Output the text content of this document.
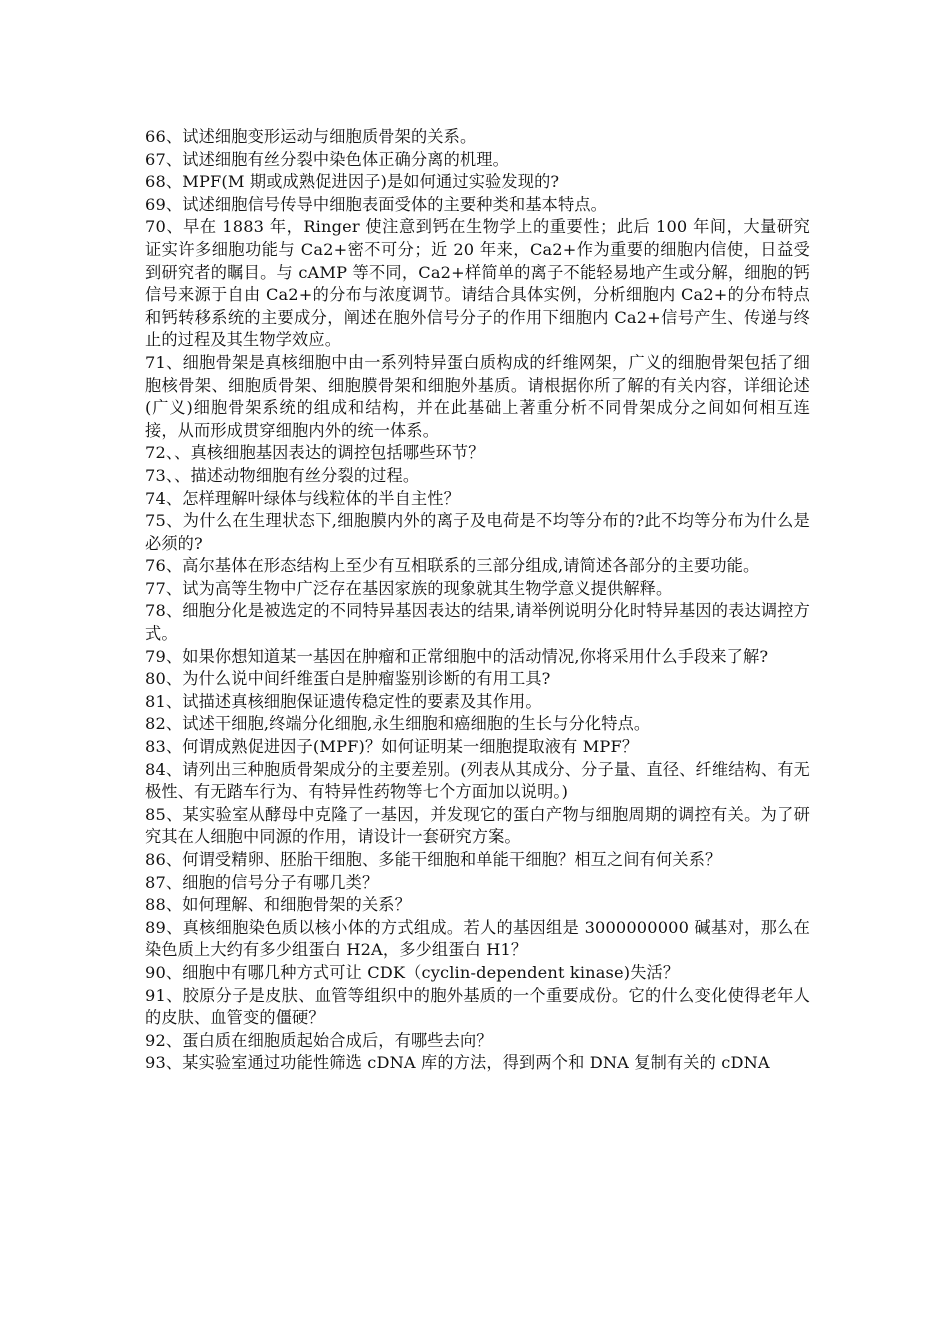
66、试述细胞变形运动与细胞质骨架的关系。

67、试述细胞有丝分裂中染色体正确分离的机理。

68、MPF(M 期或成熟促进因子)是如何通过实验发现的?

69、试述细胞信号传导中细胞表面受体的主要种类和基本特点。

70、早在 1883 年，Ringer 使注意到钙在生物学上的重要性；此后 100 年间，大量研究证实许多细胞功能与 Ca2+密不可分；近 20 年来，Ca2+作为重要的细胞内信使，日益受到研究者的瞩目。与 cAMP 等不同，Ca2+样简单的离子不能轻易地产生或分解，细胞的钙信号来源于自由 Ca2+的分布与浓度调节。请结合具体实例，分析细胞内 Ca2+的分布特点和钙转移系统的主要成分，阐述在胞外信号分子的作用下细胞内 Ca2+信号产生、传递与终止的过程及其生物学效应。

71、细胞骨架是真核细胞中由一系列特异蛋白质构成的纤维网架，广义的细胞骨架包括了细胞核骨架、细胞质骨架、细胞膜骨架和细胞外基质。请根据你所了解的有关内容，详细论述(广义)细胞骨架系统的组成和结构，并在此基础上著重分析不同骨架成分之间如何相互连接，从而形成贯穿细胞内外的统一体系。

72、、真核细胞基因表达的调控包括哪些环节？

73、、描述动物细胞有丝分裂的过程。

74、怎样理解叶绿体与线粒体的半自主性？

75、为什么在生理状态下,细胞膜内外的离子及电荷是不均等分布的?此不均等分布为什么是必须的?

76、高尔基体在形态结构上至少有互相联系的三部分组成,请简述各部分的主要功能。

77、试为高等生物中广泛存在基因家族的现象就其生物学意义提供解释。

78、细胞分化是被选定的不同特异基因表达的结果,请举例说明分化时特异基因的表达调控方式。

79、如果你想知道某一基因在肿瘤和正常细胞中的活动情况,你将采用什么手段来了解?

80、为什么说中间纤维蛋白是肿瘤鉴别诊断的有用工具?

81、试描述真核细胞保证遗传稳定性的要素及其作用。

82、试述干细胞,终端分化细胞,永生细胞和癌细胞的生长与分化特点。

83、何谓成熟促进因子(MPF)？如何证明某一细胞提取液有 MPF？

84、请列出三种胞质骨架成分的主要差别。(列表从其成分、分子量、直径、纤维结构、有无极性、有无踏车行为、有特异性药物等七个方面加以说明。)

85、某实验室从酵母中克隆了一基因，并发现它的蛋白产物与细胞周期的调控有关。为了研究其在人细胞中同源的作用，请设计一套研究方案。

86、何谓受精卵、胚胎干细胞、多能干细胞和单能干细胞？相互之间有何关系？

87、细胞的信号分子有哪几类？

88、如何理解、和细胞骨架的关系？

89、真核细胞染色质以核小体的方式组成。若人的基因组是 3000000000 碱基对，那么在染色质上大约有多少组蛋白 H2A，多少组蛋白 H1？

90、细胞中有哪几种方式可让 CDK（cyclin-dependent kinase)失活？

91、胶原分子是皮肤、血管等组织中的胞外基质的一个重要成份。它的什么变化使得老年人的皮肤、血管变的僵硬？

92、蛋白质在细胞质起始合成后，有哪些去向？

93、某实验室通过功能性筛选 cDNA 库的方法，得到两个和 DNA 复制有关的 cDNA
